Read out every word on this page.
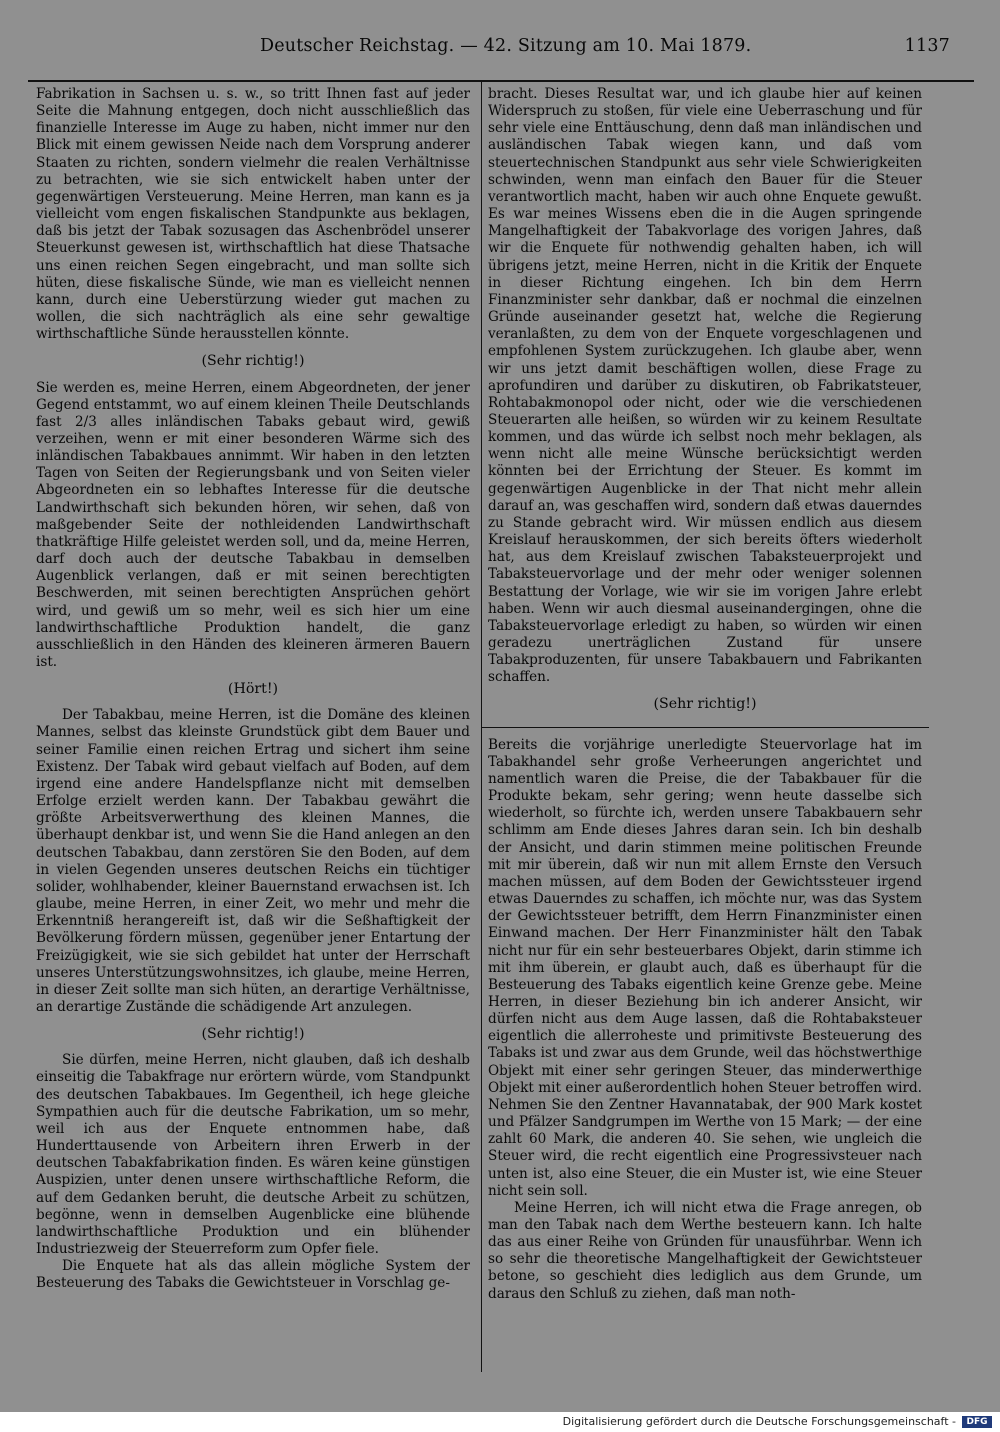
Deutscher Reichstag. — 42. Sitzung am 10. Mai 1879.	1137

Fabrikation in Sachsen u. s. w., so tritt Ihnen fast auf jeder Seite die Mahnung entgegen, doch nicht ausschließlich das finanzielle Interesse im Auge zu haben, nicht immer nur den Blick mit einem gewissen Neide nach dem Vorsprung anderer Staaten zu richten, sondern vielmehr die realen Verhältnisse zu betrachten, wie sie sich entwickelt haben unter der gegenwärtigen Versteuerung. Meine Herren, man kann es ja vielleicht vom engen fiskalischen Standpunkte aus beklagen, daß bis jetzt der Tabak sozusagen das Aschenbrödel unserer Steuerkunst gewesen ist, wirthschaftlich hat diese Thatsache uns einen reichen Segen eingebracht, und man sollte sich hüten, diese fiskalische Sünde, wie man es vielleicht nennen kann, durch eine Ueberstürzung wieder gut machen zu wollen, die sich nachträglich als eine sehr gewaltige wirthschaftliche Sünde herausstellen könnte.

(Sehr richtig!)

Sie werden es, meine Herren, einem Abgeordneten, der jener Gegend entstammt, wo auf einem kleinen Theile Deutschlands fast 2/3 alles inländischen Tabaks gebaut wird, gewiß verzeihen, wenn er mit einer besonderen Wärme sich des inländischen Tabakbaues annimmt. Wir haben in den letzten Tagen von Seiten der Regierungsbank und von Seiten vieler Abgeordneten ein so lebhaftes Interesse für die deutsche Landwirthschaft sich bekunden hören, wir sehen, daß von maßgebender Seite der nothleidenden Landwirthschaft thatkräftige Hilfe geleistet werden soll, und da, meine Herren, darf doch auch der deutsche Tabakbau in demselben Augenblick verlangen, daß er mit seinen berechtigten Beschwerden, mit seinen berechtigten Ansprüchen gehört wird, und gewiß um so mehr, weil es sich hier um eine landwirthschaftliche Produktion handelt, die ganz ausschließlich in den Händen des kleineren ärmeren Bauern ist.

(Hört!)

Der Tabakbau, meine Herren, ist die Domäne des kleinen Mannes, selbst das kleinste Grundstück gibt dem Bauer und seiner Familie einen reichen Ertrag und sichert ihm seine Existenz. Der Tabak wird gebaut vielfach auf Boden, auf dem irgend eine andere Handelspflanze nicht mit demselben Erfolge erzielt werden kann. Der Tabakbau gewährt die größte Arbeitsverwerthung des kleinen Mannes, die überhaupt denkbar ist, und wenn Sie die Hand anlegen an den deutschen Tabakbau, dann zerstören Sie den Boden, auf dem in vielen Gegenden unseres deutschen Reichs ein tüchtiger solider, wohlhabender, kleiner Bauernstand erwachsen ist. Ich glaube, meine Herren, in einer Zeit, wo mehr und mehr die Erkenntniß herangereift ist, daß wir die Seßhaftigkeit der Bevölkerung fördern müssen, gegenüber jener Entartung der Freizügigkeit, wie sie sich gebildet hat unter der Herrschaft unseres Unterstützungswohnsitzes, ich glaube, meine Herren, in dieser Zeit sollte man sich hüten, an derartige Verhältnisse, an derartige Zustände die schädigende Art anzulegen.

(Sehr richtig!)

Sie dürfen, meine Herren, nicht glauben, daß ich deshalb einseitig die Tabakfrage nur erörtern würde, vom Standpunkt des deutschen Tabakbaues. Im Gegentheil, ich hege gleiche Sympathien auch für die deutsche Fabrikation, um so mehr, weil ich aus der Enquete entnommen habe, daß Hunderttausende von Arbeitern ihren Erwerb in der deutschen Tabakfabrikation finden. Es wären keine günstigen Auspizien, unter denen unsere wirthschaftliche Reform, die auf dem Gedanken beruht, die deutsche Arbeit zu schützen, begönne, wenn in demselben Augenblicke eine blühende landwirthschaftliche Produktion und ein blühender Industriezweig der Steuerreform zum Opfer fiele.

Die Enquete hat als das allein mögliche System der Besteuerung des Tabaks die Gewichtsteuer in Vorschlag ge-

bracht. Dieses Resultat war, und ich glaube hier auf keinen Widerspruch zu stoßen, für viele eine Ueberraschung und für sehr viele eine Enttäuschung, denn daß man inländischen und ausländischen Tabak wiegen kann, und daß vom steuertechnischen Standpunkt aus sehr viele Schwierigkeiten schwinden, wenn man einfach den Bauer für die Steuer verantwortlich macht, haben wir auch ohne Enquete gewußt. Es war meines Wissens eben die in die Augen springende Mangelhaftigkeit der Tabakvorlage des vorigen Jahres, daß wir die Enquete für nothwendig gehalten haben, ich will übrigens jetzt, meine Herren, nicht in die Kritik der Enquete in dieser Richtung eingehen. Ich bin dem Herrn Finanzminister sehr dankbar, daß er nochmal die einzelnen Gründe auseinander gesetzt hat, welche die Regierung veranlaßten, zu dem von der Enquete vorgeschlagenen und empfohlenen System zurückzugehen. Ich glaube aber, wenn wir uns jetzt damit beschäftigen wollen, diese Frage zu aprofundiren und darüber zu diskutiren, ob Fabrikatsteuer, Rohtabakmonopol oder nicht, oder wie die verschiedenen Steuerarten alle heißen, so würden wir zu keinem Resultate kommen, und das würde ich selbst noch mehr beklagen, als wenn nicht alle meine Wünsche berücksichtigt werden könnten bei der Errichtung der Steuer. Es kommt im gegenwärtigen Augenblicke in der That nicht mehr allein darauf an, was geschaffen wird, sondern daß etwas dauerndes zu Stande gebracht wird. Wir müssen endlich aus diesem Kreislauf herauskommen, der sich bereits öfters wiederholt hat, aus dem Kreislauf zwischen Tabaksteuerprojekt und Tabaksteuervorlage und der mehr oder weniger solennen Bestattung der Vorlage, wie wir sie im vorigen Jahre erlebt haben. Wenn wir auch diesmal auseinandergingen, ohne die Tabaksteuervorlage erledigt zu haben, so würden wir einen geradezu unerträglichen Zustand für unsere Tabakproduzenten, für unsere Tabakbauern und Fabrikanten schaffen.

(Sehr richtig!)

Bereits die vorjährige unerledigte Steuervorlage hat im Tabakhandel sehr große Verheerungen angerichtet und namentlich waren die Preise, die der Tabakbauer für die Produkte bekam, sehr gering; wenn heute dasselbe sich wiederholt, so fürchte ich, werden unsere Tabakbauern sehr schlimm am Ende dieses Jahres daran sein. Ich bin deshalb der Ansicht, und darin stimmen meine politischen Freunde mit mir überein, daß wir nun mit allem Ernste den Versuch machen müssen, auf dem Boden der Gewichtssteuer irgend etwas Dauerndes zu schaffen, ich möchte nur, was das System der Gewichtssteuer betrifft, dem Herrn Finanzminister einen Einwand machen. Der Herr Finanzminister hält den Tabak nicht nur für ein sehr besteuerbares Objekt, darin stimme ich mit ihm überein, er glaubt auch, daß es überhaupt für die Besteuerung des Tabaks eigentlich keine Grenze gebe. Meine Herren, in dieser Beziehung bin ich anderer Ansicht, wir dürfen nicht aus dem Auge lassen, daß die Rohtabaksteuer eigentlich die allerroheste und primitivste Besteuerung des Tabaks ist und zwar aus dem Grunde, weil das höchstwerthige Objekt mit einer sehr geringen Steuer, das minderwerthige Objekt mit einer außerordentlich hohen Steuer betroffen wird. Nehmen Sie den Zentner Havannatabak, der 900 Mark kostet und Pfälzer Sandgrumpen im Werthe von 15 Mark; — der eine zahlt 60 Mark, die anderen 40. Sie sehen, wie ungleich die Steuer wird, die recht eigentlich eine Progressivsteuer nach unten ist, also eine Steuer, die ein Muster ist, wie eine Steuer nicht sein soll.

Meine Herren, ich will nicht etwa die Frage anregen, ob man den Tabak nach dem Werthe besteuern kann. Ich halte das aus einer Reihe von Gründen für unausführbar. Wenn ich so sehr die theoretische Mangelhaftigkeit der Gewichtsteuer betone, so geschieht dies lediglich aus dem Grunde, um daraus den Schluß zu ziehen, daß man noth-

Digitalisierung gefördert durch die Deutsche Forschungsgemeinschaft -	DFG
